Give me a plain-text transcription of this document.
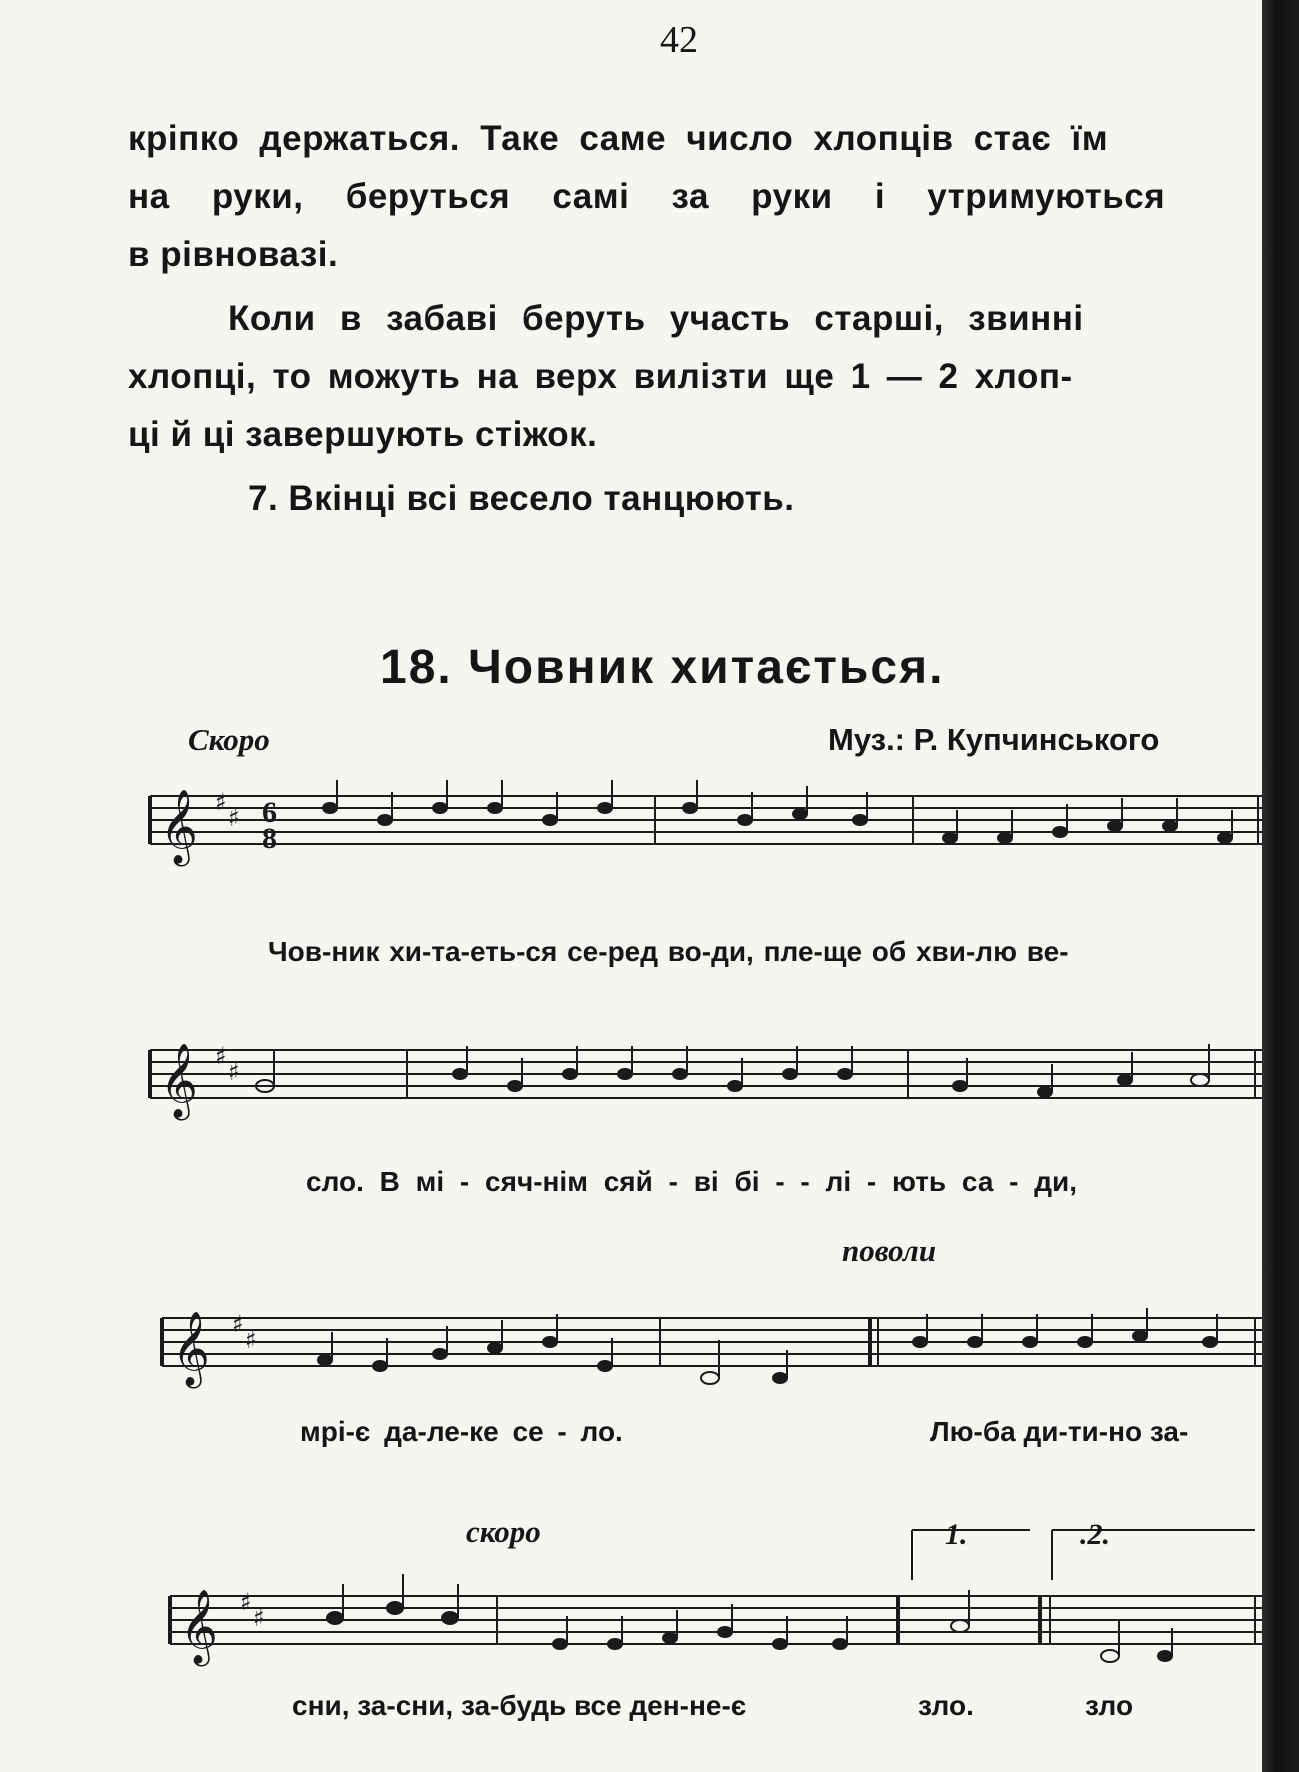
42
кріпко держаться. Таке саме число хлопців стає їм
на руки, беруться самі за руки і утримуються
в рівновазі.
Коли в забаві беруть участь старші, звинні
хлопці, то можуть на верх вилізти ще 1 — 2 хлоп-
ці й ці завершують стіжок.
7. Вкінці всі весело танцюють.
18. Човник хитається.
Скоро	Муз.: Р. Купчинського
𝄞
𝄞
𝄞
𝄞
♯
♯
♯
♯
♯
♯
♯
♯
6
8
Чов-ник хи-та-еть-ся се-ред во-ди, пле-ще об хви-лю ве-
сло. В мі - сяч-нім сяй - ві бі - - лі - ють са - ди,
поволи
мрі-є да-ле-ке се - ло.	Лю-ба ди-ти-но за-
скоро	1.	.2.
сни, за-сни, за-будь все ден-не-є	зло.	зло
